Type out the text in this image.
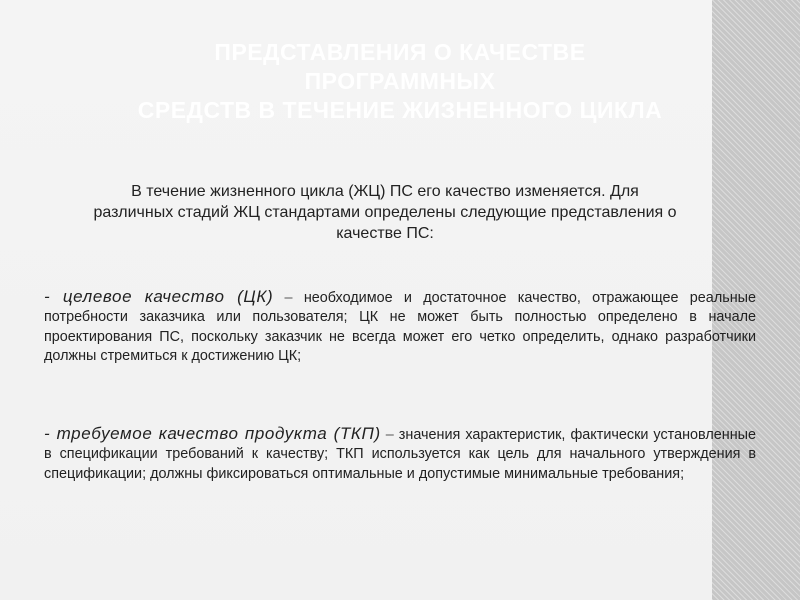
ПРЕДСТАВЛЕНИЯ О КАЧЕСТВЕ
ПРОГРАММНЫХ
СРЕДСТВ В ТЕЧЕНИЕ ЖИЗНЕННОГО ЦИКЛА

В течение жизненного цикла (ЖЦ) ПС его качество изменяется. Для различных стадий ЖЦ стандартами определены следующие представления о качестве ПС:

- целевое качество (ЦК) – необходимое и достаточное качество, отражающее реальные потребности заказчика или пользователя; ЦК не может быть полностью определено в начале проектирования ПС, поскольку заказчик не всегда может его четко определить, однако разработчики должны стремиться к достижению ЦК;

- требуемое качество продукта (ТКП) – значения характеристик, фактически установленные в спецификации требований к качеству; ТКП используется как цель для начального утверждения в спецификации; должны фиксироваться оптимальные и допустимые минимальные требования;
